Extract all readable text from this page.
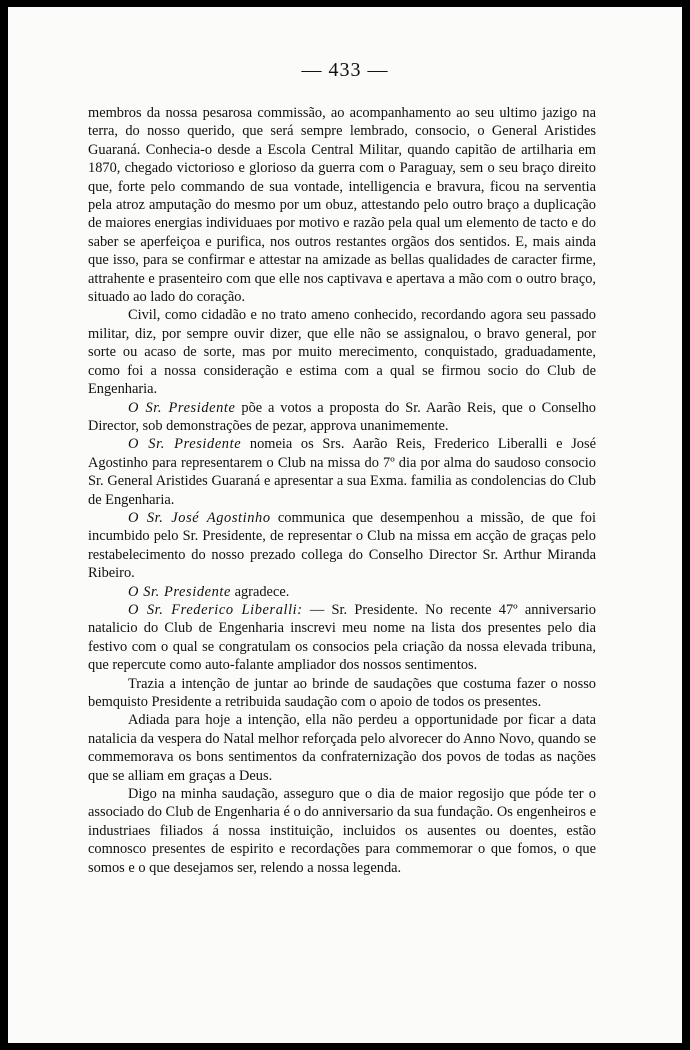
— 433 —

membros da nossa pesarosa commissão, ao acompanhamento ao seu ultimo jazigo na terra, do nosso querido, que será sempre lembrado, consocio, o General Aristides Guaraná. Conhecia-o desde a Escola Central Militar, quando capitão de artilharia em 1870, chegado victorioso e glorioso da guerra com o Paraguay, sem o seu braço direito que, forte pelo commando de sua vontade, intelligencia e bravura, ficou na serventia pela atroz amputação do mesmo por um obuz, attestando pelo outro braço a duplicação de maiores energias individuaes por motivo e razão pela qual um elemento de tacto e do saber se aperfeiçoa e purifica, nos outros restantes orgãos dos sentidos. E, mais ainda que isso, para se confirmar e attestar na amizade as bellas qualidades de caracter firme, attrahente e prasenteiro com que elle nos captivava e apertava a mão com o outro braço, situado ao lado do coração.

Civil, como cidadão e no trato ameno conhecido, recordando agora seu passado militar, diz, por sempre ouvir dizer, que elle não se assignalou, o bravo general, por sorte ou acaso de sorte, mas por muito merecimento, conquistado, graduadamente, como foi a nossa consideração e estima com a qual se firmou socio do Club de Engenharia.

O Sr. Presidente põe a votos a proposta do Sr. Aarão Reis, que o Conselho Director, sob demonstrações de pezar, approva unanimemente.

O Sr. Presidente nomeia os Srs. Aarão Reis, Frederico Liberalli e José Agostinho para representarem o Club na missa do 7º dia por alma do saudoso consocio Sr. General Aristides Guaraná e apresentar a sua Exma. familia as condolencias do Club de Engenharia.

O Sr. José Agostinho communica que desempenhou a missão, de que foi incumbido pelo Sr. Presidente, de representar o Club na missa em acção de graças pelo restabelecimento do nosso prezado collega do Conselho Director Sr. Arthur Miranda Ribeiro.

O Sr. Presidente agradece.

O Sr. Frederico Liberalli: — Sr. Presidente. No recente 47º anniversario natalicio do Club de Engenharia inscrevi meu nome na lista dos presentes pelo dia festivo com o qual se congratulam os consocios pela criação da nossa elevada tribuna, que repercute como auto-falante ampliador dos nossos sentimentos.

Trazia a intenção de juntar ao brinde de saudações que costuma fazer o nosso bemquisto Presidente a retribuida saudação com o apoio de todos os presentes.

Adiada para hoje a intenção, ella não perdeu a opportunidade por ficar a data natalicia da vespera do Natal melhor reforçada pelo alvorecer do Anno Novo, quando se commemorava os bons sentimentos da confraternização dos povos de todas as nações que se alliam em graças a Deus.

Digo na minha saudação, asseguro que o dia de maior regosijo que póde ter o associado do Club de Engenharia é o do anniversario da sua fundação. Os engenheiros e industriaes filiados á nossa instituição, incluidos os ausentes ou doentes, estão comnosco presentes de espirito e recordações para commemorar o que fomos, o que somos e o que desejamos ser, relendo a nossa legenda.
